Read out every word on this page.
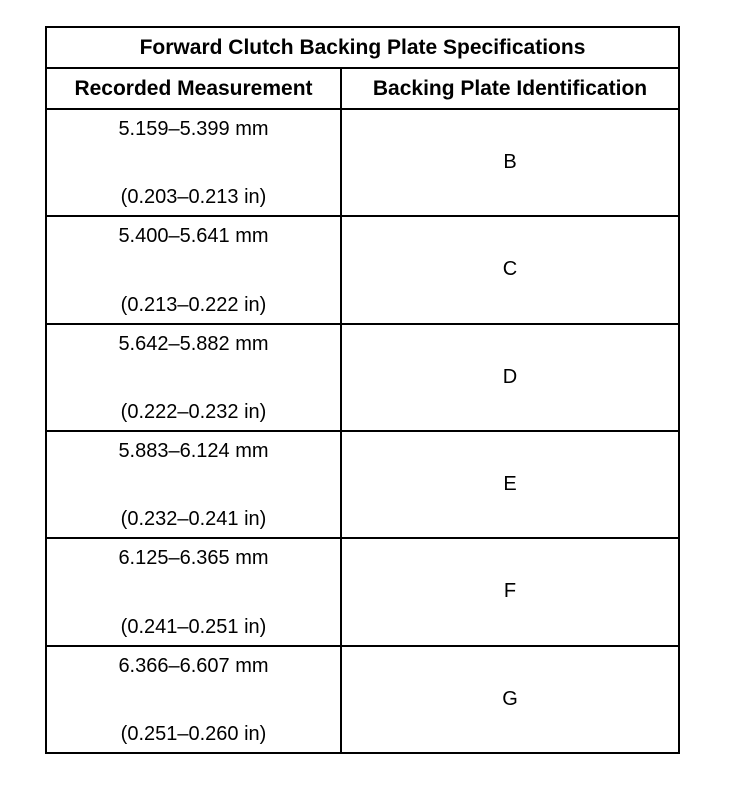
Forward Clutch Backing Plate Specifications
Recorded Measurement	Backing Plate Identification
5.159–5.399 mm
(0.203–0.213 in)
B
5.400–5.641 mm
(0.213–0.222 in)
C
5.642–5.882 mm
(0.222–0.232 in)
D
5.883–6.124 mm
(0.232–0.241 in)
E
6.125–6.365 mm
(0.241–0.251 in)
F
6.366–6.607 mm
(0.251–0.260 in)
G
